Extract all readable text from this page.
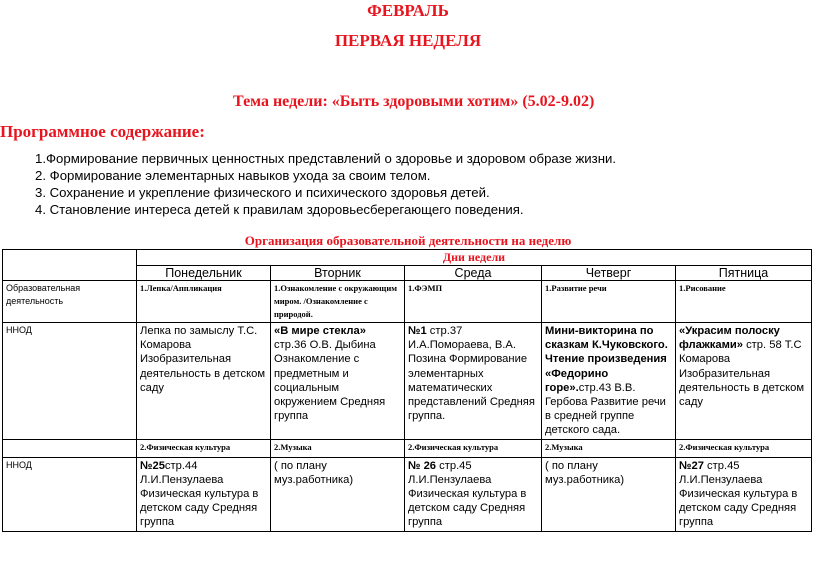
ФЕВРАЛЬ
ПЕРВАЯ НЕДЕЛЯ
Тема недели: «Быть здоровыми хотим» (5.02-9.02)
Программное содержание:
1.Формирование первичных ценностных представлений о здоровье и здоровом образе жизни.
2. Формирование элементарных навыков ухода за своим телом.
3. Сохранение и укрепление физического и психического здоровья детей.
4. Становление интереса детей к правилам здоровьесберегающего поведения.
Организация образовательной деятельности на неделю
	Дни недели				
	Понедельник	Вторник	Среда	Четверг	Пятница
Образовательная деятельность	1.Лепка/Аппликация	1.Ознакомление с окружающим миром. /Ознакомление с природой.	1.ФЭМП	1.Развитие речи	1.Рисование
ННОД	Лепка по замыслу Т.С. Комарова Изобразительная деятельность в детском саду	«В мире стекла» стр.36 О.В. Дыбина Ознакомление с предметным и социальным окружением Средняя группа	№1 стр.37 И.А.Помораева, В.А. Позина Формирование элементарных математических представлений Средняя группа.	Мини-викторина по сказкам К.Чуковского. Чтение произведения «Федорино горе».стр.43 В.В. Гербова Развитие речи в средней группе детского сада.	«Украсим полоску флажками» стр. 58 Т.С Комарова Изобразительная деятельность в детском саду
	2.Физическая культура	2.Музыка	2.Физическая культура	2.Музыка	2.Физическая культура
ННОД	№25стр.44 Л.И.Пензулаева Физическая культура в детском саду Средняя группа	( по плану муз.работника)	№ 26 стр.45 Л.И.Пензулаева Физическая культура в детском саду Средняя группа	( по плану муз.работника)	№27 стр.45 Л.И.Пензулаева Физическая культура в детском саду Средняя группа
